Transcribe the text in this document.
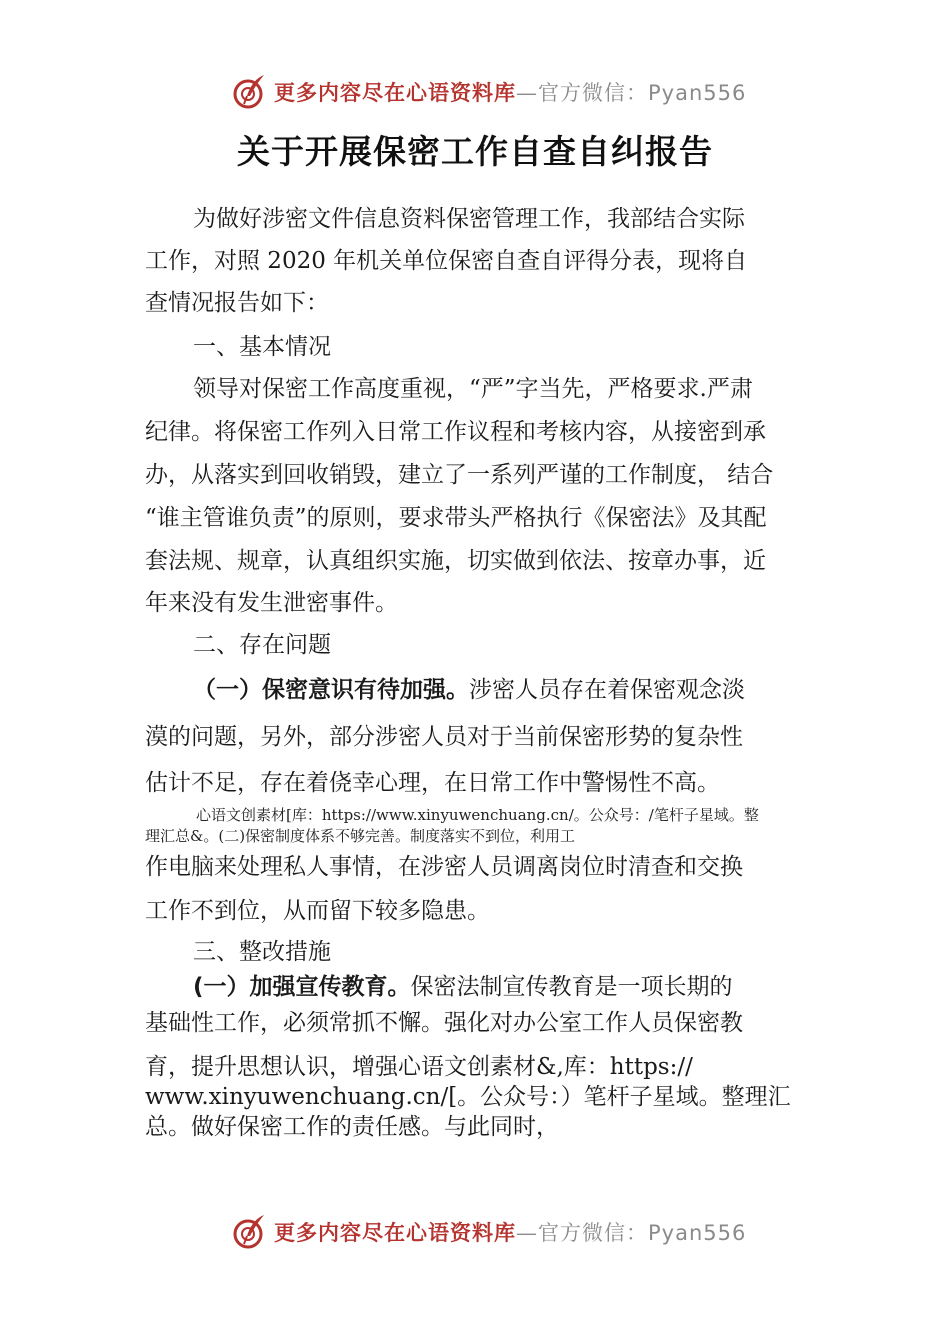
更多内容尽在心语资料库—官方微信：Pyan556
关于开展保密工作自查自纠报告
为做好涉密文件信息资料保密管理工作，我部结合实际
工作，对照 2020 年机关单位保密自查自评得分表，现将自
查情况报告如下：
一、基本情况
领导对保密工作高度重视，“严”字当先，严格要求.严肃
纪律。将保密工作列入日常工作议程和考核内容，从接密到承
办，从落实到回收销毁，建立了一系列严谨的工作制度， 结合
“谁主管谁负责”的原则，要求带头严格执行《保密法》及其配
套法规、规章，认真组织实施，切实做到依法、按章办事，近
年来没有发生泄密事件。
二、存在问题
（一）保密意识有待加强。涉密人员存在着保密观念淡
漠的问题，另外，部分涉密人员对于当前保密形势的复杂性
估计不足，存在着侥幸心理，在日常工作中警惕性不高。
心语文创素材[库：https://www.xinyuwenchuang.cn/。公众号：/笔杆子星域。整
理汇总&。(二)保密制度体系不够完善。制度落实不到位，利用工
作电脑来处理私人事情，在涉密人员调离岗位时清查和交换
工作不到位，从而留下较多隐患。
三、整改措施
(一）加强宣传教育。保密法制宣传教育是一项长期的
基础性工作，必须常抓不懈。强化对办公室工作人员保密教
育，提升思想认识，增强心语文创素材&,库：https://
www.xinyuwenchuang.cn/[。公众号：）笔杆子星域。整理汇
总。做好保密工作的责任感。与此同时，
更多内容尽在心语资料库—官方微信：Pyan556
